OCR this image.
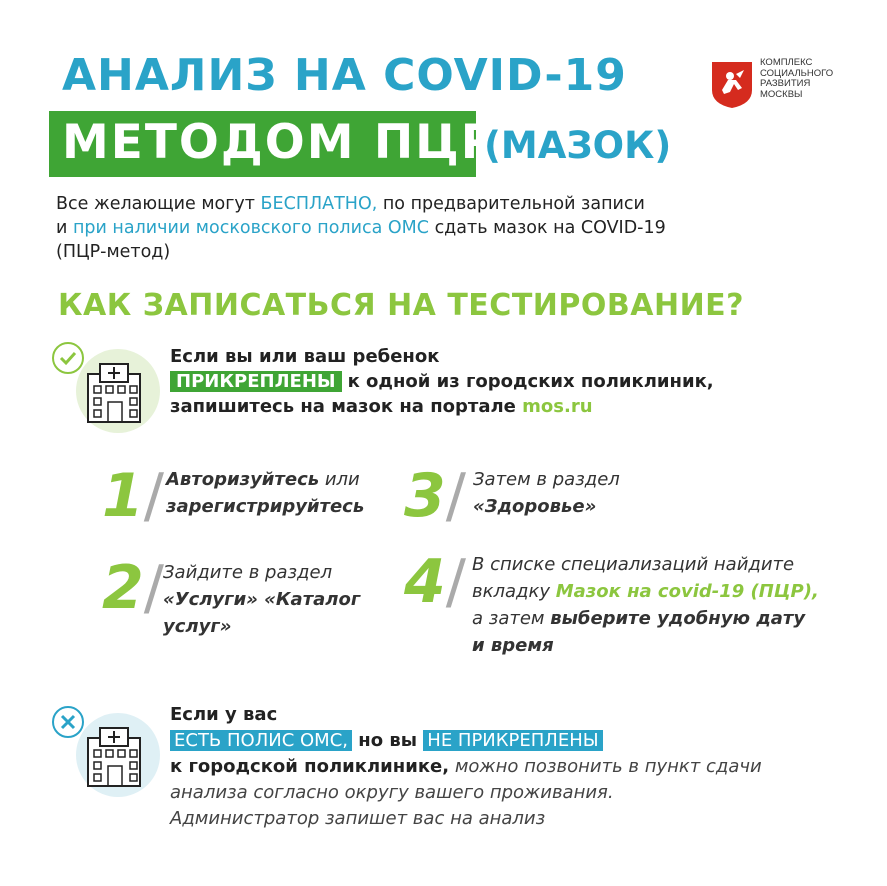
АНАЛИЗ НА COVID-19
МЕТОДОМ ПЦР
(МАЗОК)
КОМПЛЕКС
СОЦИАЛЬНОГО
РАЗВИТИЯ
МОСКВЫ
Все желающие могут БЕСПЛАТНО, по предварительной записи
и при наличии московского полиса ОМС сдать мазок на COVID-19
(ПЦР-метод)
КАК ЗАПИСАТЬСЯ НА ТЕСТИРОВАНИЕ?
Если вы или ваш ребенок
ПРИКРЕПЛЕНЫ к одной из городских поликлиник,
запишитесь на мазок на портале mos.ru
1/ Авторизуйтесь или
зарегистрируйтесь
2/ Зайдите в раздел
«Услуги» «Каталог
услуг»
3/ Затем в раздел
«Здоровье»
4/ В списке специализаций найдите
вкладку Мазок на covid-19 (ПЦР),
а затем выберите удобную дату
и время
Если у вас
ЕСТЬ ПОЛИС ОМС, но вы НЕ ПРИКРЕПЛЕНЫ
к городской поликлинике, можно позвонить в пункт сдачи
анализа согласно округу вашего проживания.
Администратор запишет вас на анализ
